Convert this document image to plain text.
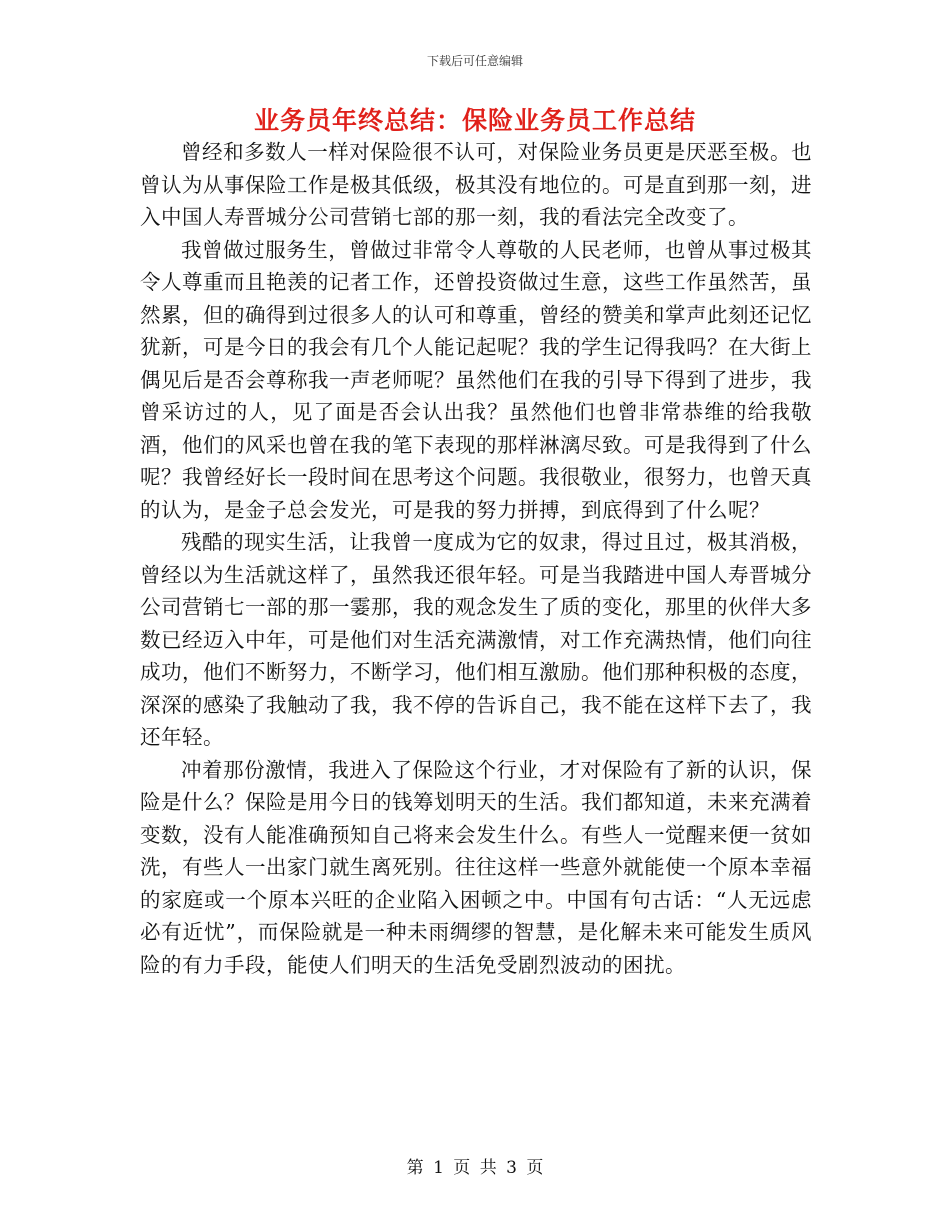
下载后可任意编辑
业务员年终总结：保险业务员工作总结

曾经和多数人一样对保险很不认可，对保险业务员更是厌恶至极。也曾认为从事保险工作是极其低级，极其没有地位的。可是直到那一刻，进入中国人寿晋城分公司营销七部的那一刻，我的看法完全改变了。

我曾做过服务生，曾做过非常令人尊敬的人民老师，也曾从事过极其令人尊重而且艳羡的记者工作，还曾投资做过生意，这些工作虽然苦，虽然累，但的确得到过很多人的认可和尊重，曾经的赞美和掌声此刻还记忆犹新，可是今日的我会有几个人能记起呢？我的学生记得我吗？在大街上偶见后是否会尊称我一声老师呢？虽然他们在我的引导下得到了进步，我曾采访过的人，见了面是否会认出我？虽然他们也曾非常恭维的给我敬酒，他们的风采也曾在我的笔下表现的那样淋漓尽致。可是我得到了什么呢？我曾经好长一段时间在思考这个问题。我很敬业，很努力，也曾天真的认为，是金子总会发光，可是我的努力拼搏，到底得到了什么呢？

残酷的现实生活，让我曾一度成为它的奴隶，得过且过，极其消极，曾经以为生活就这样了，虽然我还很年轻。可是当我踏进中国人寿晋城分公司营销七一部的那一霎那，我的观念发生了质的变化，那里的伙伴大多数已经迈入中年，可是他们对生活充满激情，对工作充满热情，他们向往成功，他们不断努力，不断学习，他们相互激励。他们那种积极的态度，深深的感染了我触动了我，我不停的告诉自己，我不能在这样下去了，我还年轻。

冲着那份激情，我进入了保险这个行业，才对保险有了新的认识，保险是什么？保险是用今日的钱筹划明天的生活。我们都知道，未来充满着变数，没有人能准确预知自己将来会发生什么。有些人一觉醒来便一贫如洗，有些人一出家门就生离死别。往往这样一些意外就能使一个原本幸福的家庭或一个原本兴旺的企业陷入困顿之中。中国有句古话：“人无远虑必有近忧”，而保险就是一种未雨绸缪的智慧，是化解未来可能发生质风险的有力手段，能使人们明天的生活免受剧烈波动的困扰。

第 1 页 共 3 页
